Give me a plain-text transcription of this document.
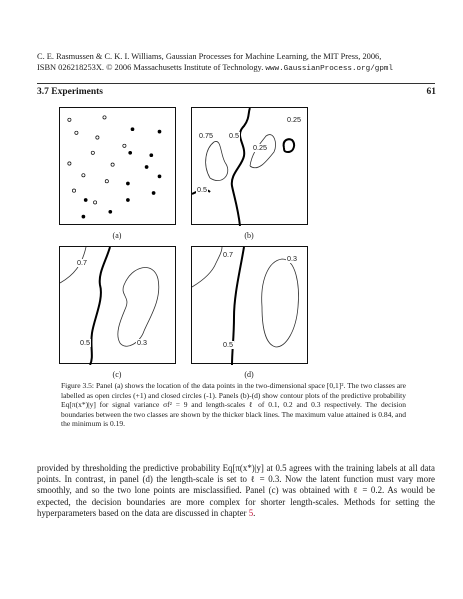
C. E. Rasmussen & C. K. I. Williams, Gaussian Processes for Machine Learning, the MIT Press, 2006,
ISBN 026218253X. © 2006 Massachusetts Institute of Technology. www.GaussianProcess.org/gpml
3.7 Experiments	61
(a)
0.25
0.75 0.5
0.25
0.5
(b)
0.7
0.5	0.3
(c)
0.7	0.3
0.5
(d)
Figure 3.5: Panel (a) shows the location of the data points in the two-dimensional space [0,1]². The two classes are labelled as open circles (+1) and closed circles (-1). Panels (b)-(d) show contour plots of the predictive probability Eq[π(x*)|y] for signal variance σf² = 9 and length-scales ℓ of 0.1, 0.2 and 0.3 respectively. The decision boundaries between the two classes are shown by the thicker black lines. The maximum value attained is 0.84, and the minimum is 0.19.
provided by thresholding the predictive probability Eq[π(x*)|y] at 0.5 agrees with the training labels at all data points. In contrast, in panel (d) the length-scale is set to ℓ = 0.3. Now the latent function must vary more smoothly, and so the two lone points are misclassified. Panel (c) was obtained with ℓ = 0.2. As would be expected, the decision boundaries are more complex for shorter length-scales. Methods for setting the hyperparameters based on the data are discussed in chapter 5.
